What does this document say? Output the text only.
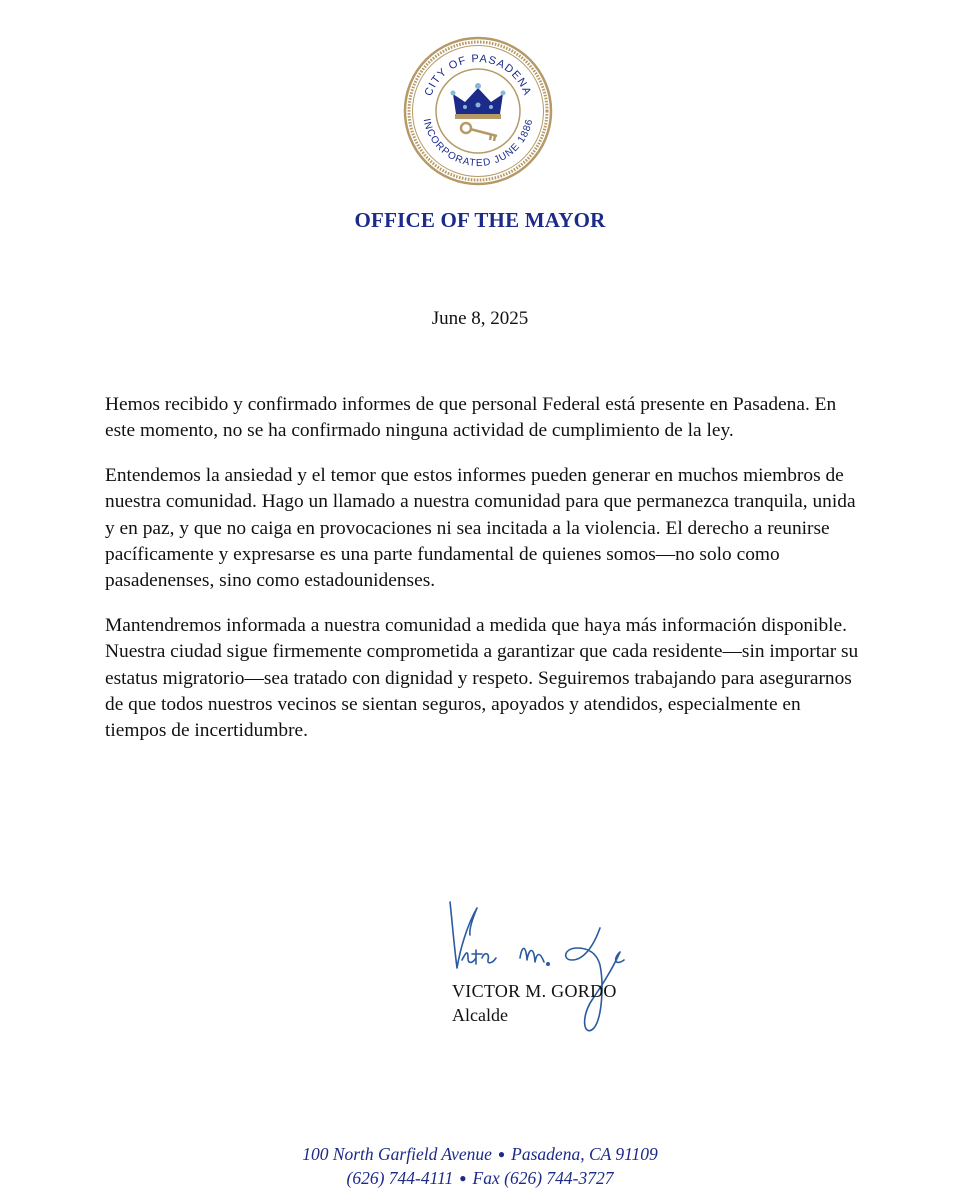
CITY OF PASADENA
INCORPORATED JUNE 1886
OFFICE OF THE MAYOR
June 8, 2025

Hemos recibido y confirmado informes de que personal Federal está presente en Pasadena. En este momento, no se ha confirmado ninguna actividad de cumplimiento de la ley.

Entendemos la ansiedad y el temor que estos informes pueden generar en muchos miembros de nuestra comunidad. Hago un llamado a nuestra comunidad para que permanezca tranquila, unida y en paz, y que no caiga en provocaciones ni sea incitada a la violencia. El derecho a reunirse pacíficamente y expresarse es una parte fundamental de quienes somos—no solo como pasadenenses, sino como estadounidenses.

Mantendremos informada a nuestra comunidad a medida que haya más información disponible. Nuestra ciudad sigue firmemente comprometida a garantizar que cada residente—sin importar su estatus migratorio—sea tratado con dignidad y respeto. Seguiremos trabajando para asegurarnos de que todos nuestros vecinos se sientan seguros, apoyados y atendidos, especialmente en tiempos de incertidumbre.

VICTOR M. GORDO
Alcalde
100 North Garfield Avenue ● Pasadena, CA 91109
(626) 744-4111 ● Fax (626) 744-3727
